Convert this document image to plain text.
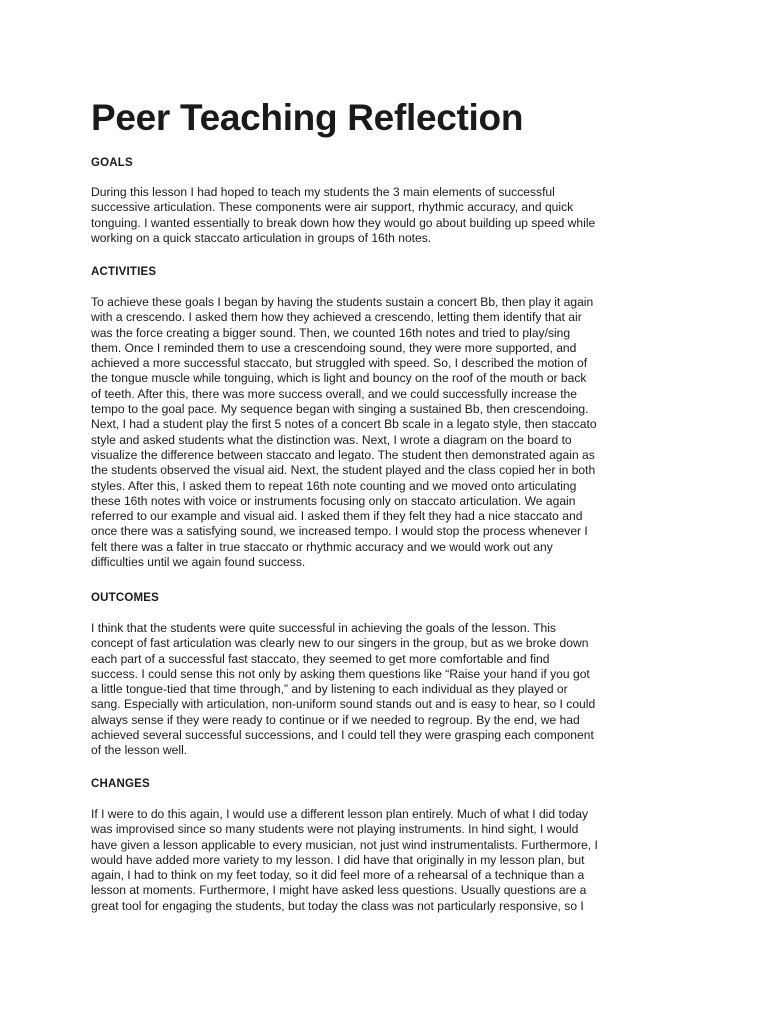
Peer Teaching Reflection
GOALS
During this lesson I had hoped to teach my students the 3 main elements of successful
successive articulation. These components were air support, rhythmic accuracy, and quick
tonguing. I wanted essentially to break down how they would go about building up speed while
working on a quick staccato articulation in groups of 16th notes.
ACTIVITIES
To achieve these goals I began by having the students sustain a concert Bb, then play it again
with a crescendo. I asked them how they achieved a crescendo, letting them identify that air
was the force creating a bigger sound. Then, we counted 16th notes and tried to play/sing
them. Once I reminded them to use a crescendoing sound, they were more supported, and
achieved a more successful staccato, but struggled with speed. So, I described the motion of
the tongue muscle while tonguing, which is light and bouncy on the roof of the mouth or back
of teeth. After this, there was more success overall, and we could successfully increase the
tempo to the goal pace. My sequence began with singing a sustained Bb, then crescendoing.
Next, I had a student play the first 5 notes of a concert Bb scale in a legato style, then staccato
style and asked students what the distinction was. Next, I wrote a diagram on the board to
visualize the difference between staccato and legato. The student then demonstrated again as
the students observed the visual aid. Next, the student played and the class copied her in both
styles. After this, I asked them to repeat 16th note counting and we moved onto articulating
these 16th notes with voice or instruments focusing only on staccato articulation. We again
referred to our example and visual aid. I asked them if they felt they had a nice staccato and
once there was a satisfying sound, we increased tempo. I would stop the process whenever I
felt there was a falter in true staccato or rhythmic accuracy and we would work out any
difficulties until we again found success.
OUTCOMES
I think that the students were quite successful in achieving the goals of the lesson. This
concept of fast articulation was clearly new to our singers in the group, but as we broke down
each part of a successful fast staccato, they seemed to get more comfortable and find
success. I could sense this not only by asking them questions like “Raise your hand if you got
a little tongue-tied that time through,” and by listening to each individual as they played or
sang. Especially with articulation, non-uniform sound stands out and is easy to hear, so I could
always sense if they were ready to continue or if we needed to regroup. By the end, we had
achieved several successful successions, and I could tell they were grasping each component
of the lesson well.
CHANGES
If I were to do this again, I would use a different lesson plan entirely. Much of what I did today
was improvised since so many students were not playing instruments. In hind sight, I would
have given a lesson applicable to every musician, not just wind instrumentalists. Furthermore, I
would have added more variety to my lesson. I did have that originally in my lesson plan, but
again, I had to think on my feet today, so it did feel more of a rehearsal of a technique than a
lesson at moments. Furthermore, I might have asked less questions. Usually questions are a
great tool for engaging the students, but today the class was not particularly responsive, so I
